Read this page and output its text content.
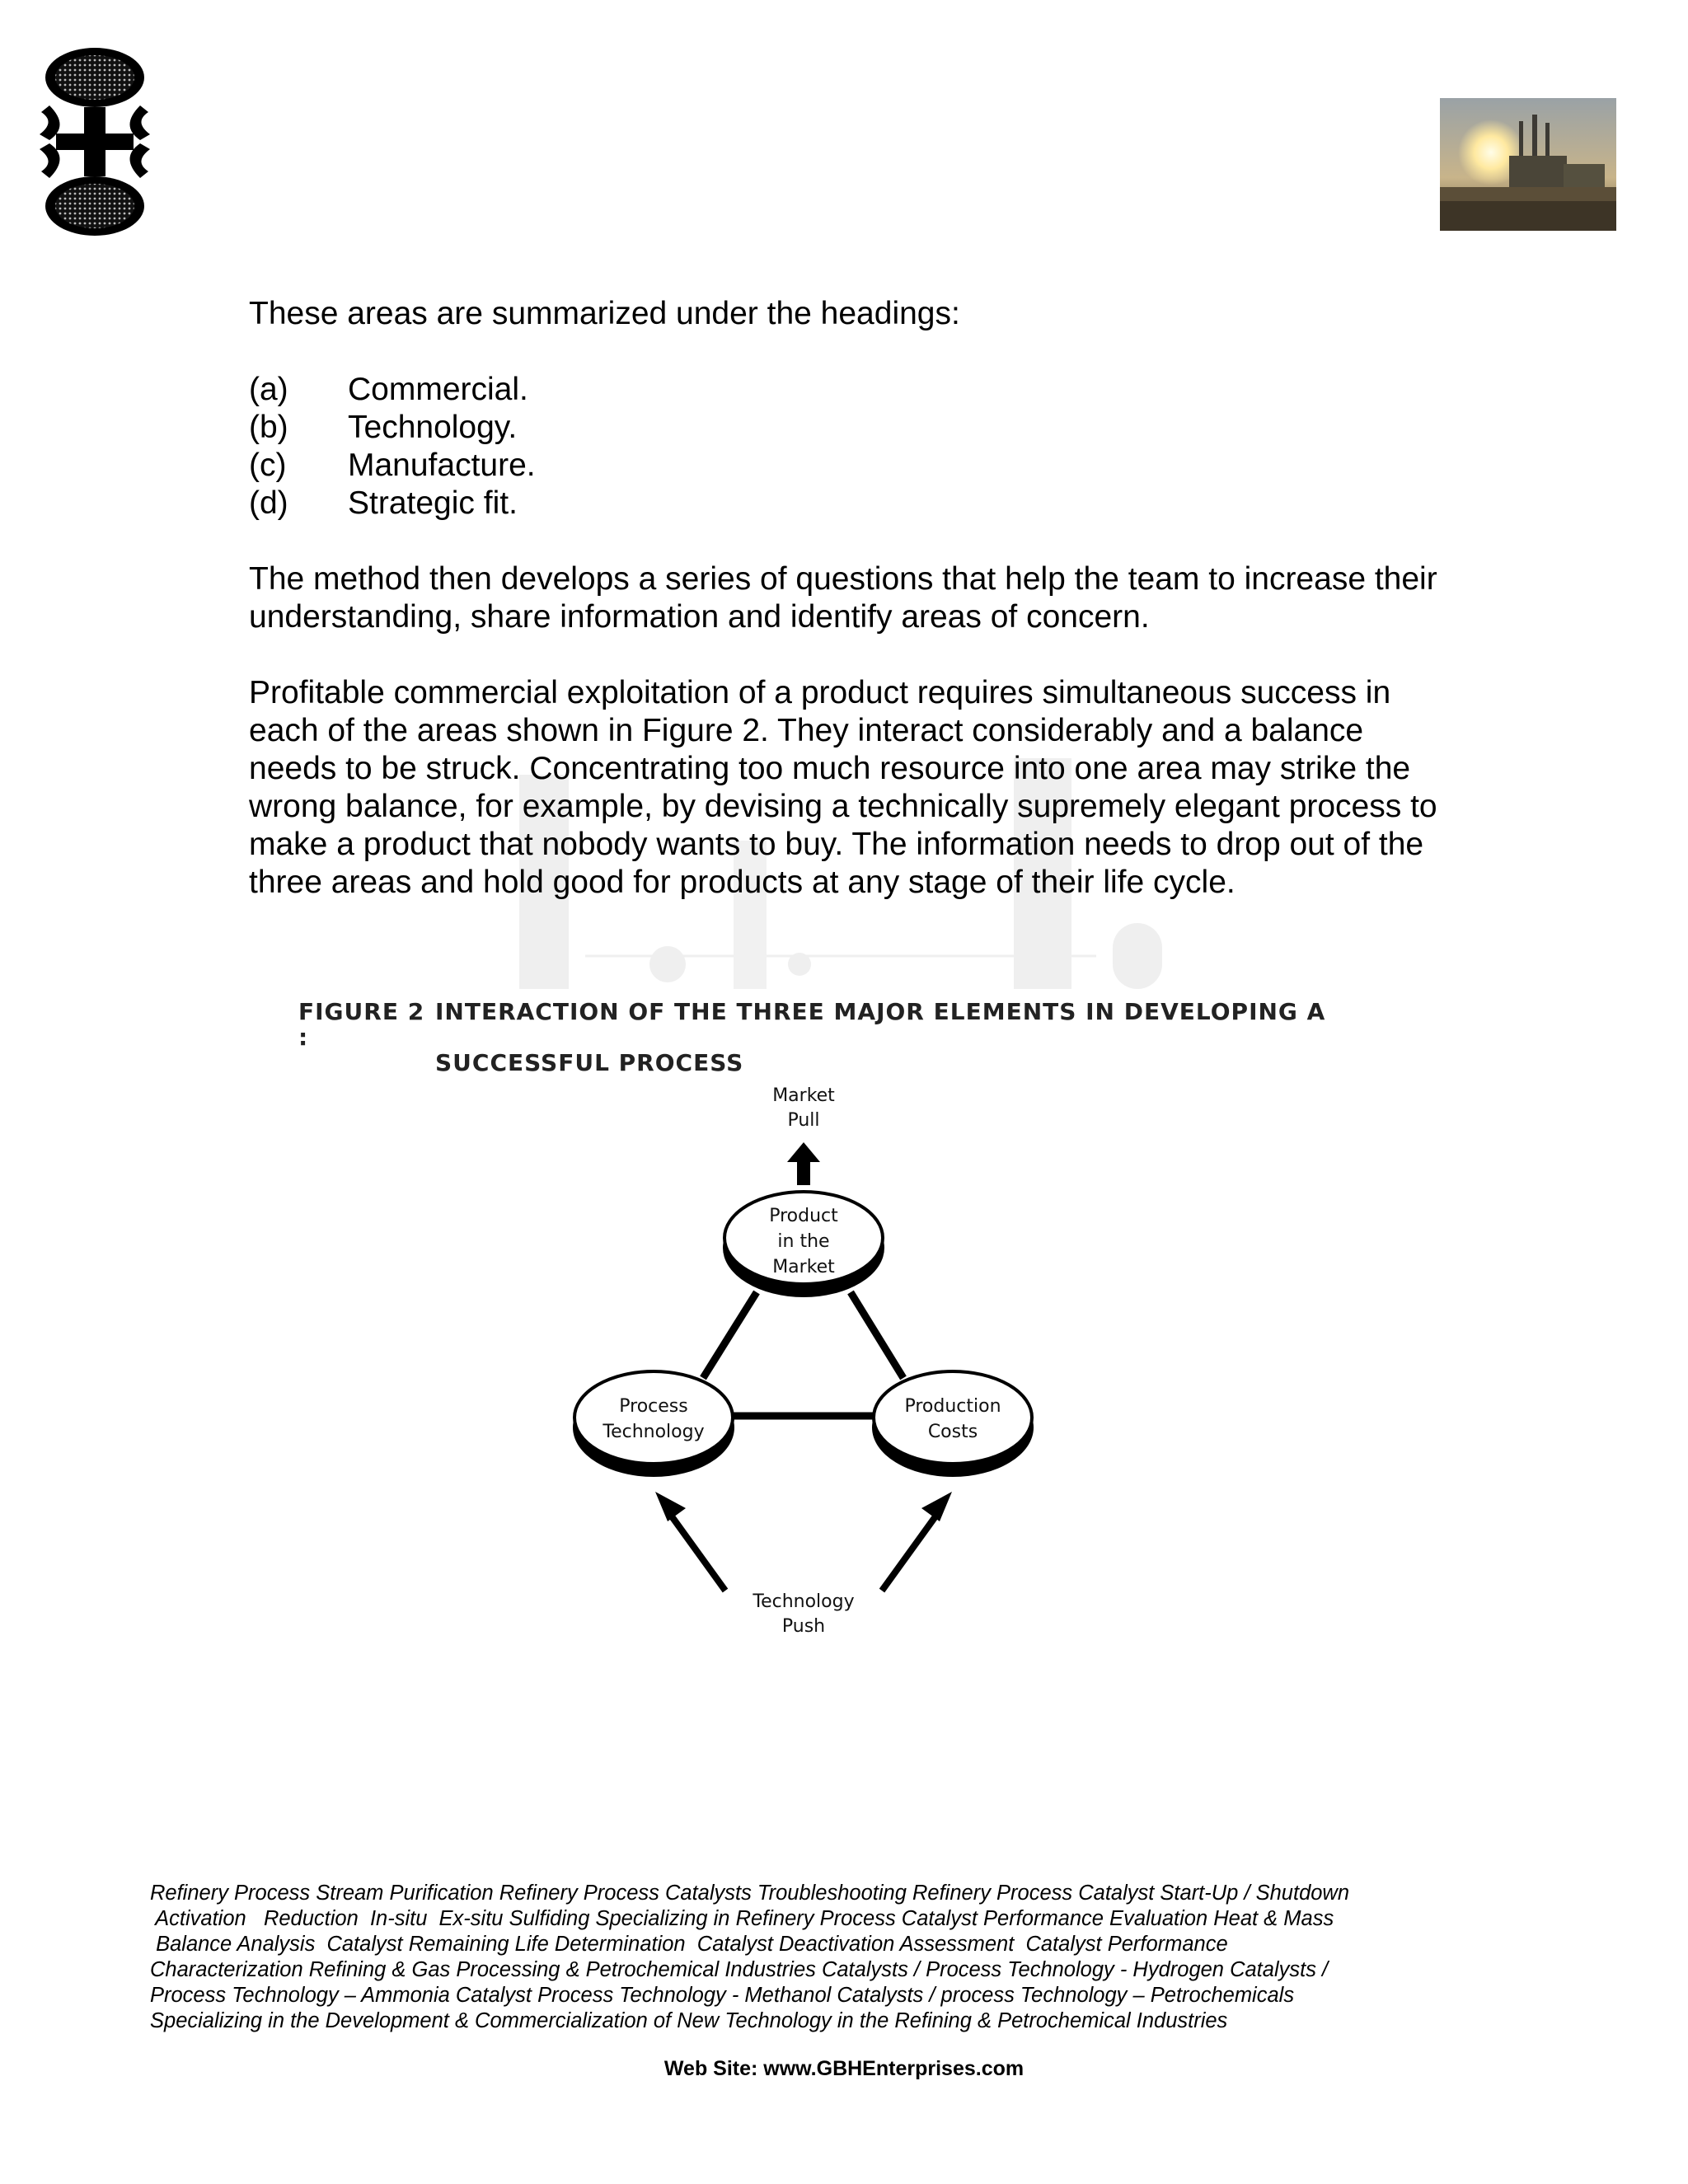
These areas are summarized under the headings:

(a)	Commercial.
(b)	Technology.
(c)	Manufacture.
(d)	Strategic fit.

The method then develops a series of questions that help the team to increase their understanding, share information and identify areas of concern.

Profitable commercial exploitation of a product requires simultaneous success in each of the areas shown in Figure 2. They interact considerably and a balance needs to be struck. Concentrating too much resource into one area may strike the wrong balance, for example, by devising a technically supremely elegant process to make a product that nobody wants to buy. The information needs to drop out of the three areas and hold good for products at any stage of their life cycle.

FIGURE 2 :
INTERACTION OF THE THREE MAJOR ELEMENTS IN DEVELOPING A
SUCCESSFUL PROCESS
Market
Pull
Product
in the
Market
Process
Technology
Production
Costs
Technology
Push

Refinery Process Stream Purification Refinery Process Catalysts Troubleshooting Refinery Process Catalyst Start-Up / Shutdown

Activation   Reduction  In-situ  Ex-situ Sulfiding Specializing in Refinery Process Catalyst Performance Evaluation Heat & Mass

Balance Analysis  Catalyst Remaining Life Determination  Catalyst Deactivation Assessment  Catalyst Performance

Characterization Refining & Gas Processing & Petrochemical Industries Catalysts / Process Technology - Hydrogen Catalysts /

Process Technology – Ammonia Catalyst Process Technology - Methanol Catalysts / process Technology – Petrochemicals

Specializing in the Development & Commercialization of New Technology in the Refining & Petrochemical Industries

Web Site: www.GBHEnterprises.com
